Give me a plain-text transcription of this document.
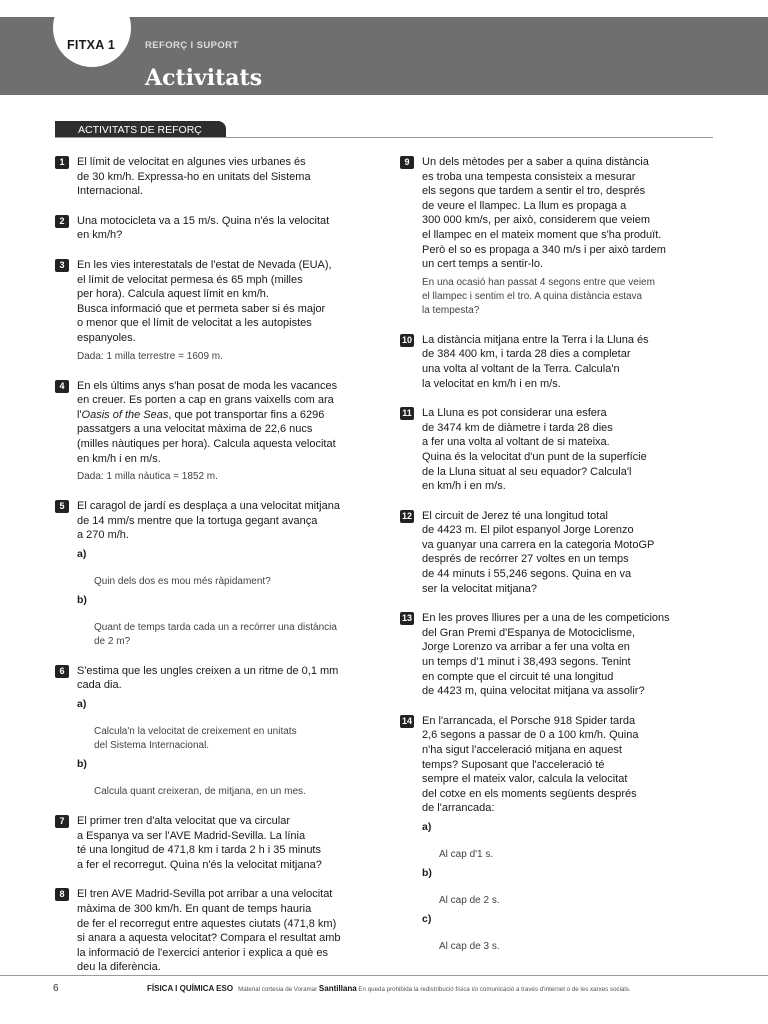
FITXA 1	REFORÇ I SUPORT
Activitats
ACTIVITATS DE REFORÇ
1	El límit de velocitat en algunes vies urbanes és
de 30 km/h. Expressa-ho en unitats del Sistema
Internacional.
2	Una motocicleta va a 15 m/s. Quina n'és la velocitat
en km/h?
3	En les vies interestatals de l'estat de Nevada (EUA),
el límit de velocitat permesa és 65 mph (milles
per hora). Calcula aquest límit en km/h.
Busca informació que et permeta saber si és major
o menor que el límit de velocitat a les autopistes
espanyoles.
Dada: 1 milla terrestre = 1609 m.
4	En els últims anys s'han posat de moda les vacances
en creuer. Es porten a cap en grans vaixells com ara
l'Oasis of the Seas, que pot transportar fins a 6296
passatgers a una velocitat màxima de 22,6 nucs
(milles nàutiques per hora). Calcula aquesta velocitat
en km/h i en m/s.
Dada: 1 milla nàutica = 1852 m.
5	El caragol de jardí es desplaça a una velocitat mitjana
de 14 mm/s mentre que la tortuga gegant avança
a 270 m/h.

a)

Quin dels dos es mou més ràpidament?

b)

Quant de temps tarda cada un a recórrer una distància
de 2 m?

6	S'estima que les ungles creixen a un ritme de 0,1 mm
cada dia.

a)

Calcula'n la velocitat de creixement en unitats
del Sistema Internacional.

b)

Calcula quant creixeran, de mitjana, en un mes.

7	El primer tren d'alta velocitat que va circular
a Espanya va ser l'AVE Madrid-Sevilla. La línia
té una longitud de 471,8 km i tarda 2 h i 35 minuts
a fer el recorregut. Quina n'és la velocitat mitjana?
8	El tren AVE Madrid-Sevilla pot arribar a una velocitat
màxima de 300 km/h. En quant de temps hauria
de fer el recorregut entre aquestes ciutats (471,8 km)
si anara a aquesta velocitat? Compara el resultat amb
la informació de l'exercici anterior i explica a què es
deu la diferència.
9	Un dels mètodes per a saber a quina distància
es troba una tempesta consisteix a mesurar
els segons que tardem a sentir el tro, després
de veure el llampec. La llum es propaga a
300 000 km/s, per això, considerem que veiem
el llampec en el mateix moment que s'ha produït.
Però el so es propaga a 340 m/s i per això tardem
un cert temps a sentir-lo.
En una ocasió han passat 4 segons entre que veiem
el llampec i sentim el tro. A quina distància estava
la tempesta?
10 La distància mitjana entre la Terra i la Lluna és
de 384 400 km, i tarda 28 dies a completar
una volta al voltant de la Terra. Calcula'n
la velocitat en km/h i en m/s.
11 La Lluna es pot considerar una esfera
de 3474 km de diàmetre i tarda 28 dies
a fer una volta al voltant de si mateixa.
Quina és la velocitat d'un punt de la superfície
de la Lluna situat al seu equador? Calcula'l
en km/h i en m/s.
12 El circuit de Jerez té una longitud total
de 4423 m. El pilot espanyol Jorge Lorenzo
va guanyar una carrera en la categoria MotoGP
després de recórrer 27 voltes en un temps
de 44 minuts i 55,246 segons. Quina en va
ser la velocitat mitjana?
13 En les proves lliures per a una de les competicions
del Gran Premi d'Espanya de Motociclisme,
Jorge Lorenzo va arribar a fer una volta en
un temps d'1 minut i 38,493 segons. Tenint
en compte que el circuit té una longitud
de 4423 m, quina velocitat mitjana va assolir?
14 En l'arrancada, el Porsche 918 Spider tarda
2,6 segons a passar de 0 a 100 km/h. Quina
n'ha sigut l'acceleració mitjana en aquest
temps? Suposant que l'acceleració té
sempre el mateix valor, calcula la velocitat
del cotxe en els moments següents després
de l'arrancada:

a)

Al cap d'1 s.

b)

Al cap de 2 s.

c)

Al cap de 3 s.

6	FÍSICA I QUÍMICA ESO Material cortesia de Voramar Santillana En queda prohibida la redistribució física i/o comunicació a través d'internet o de les xarxes socials.
